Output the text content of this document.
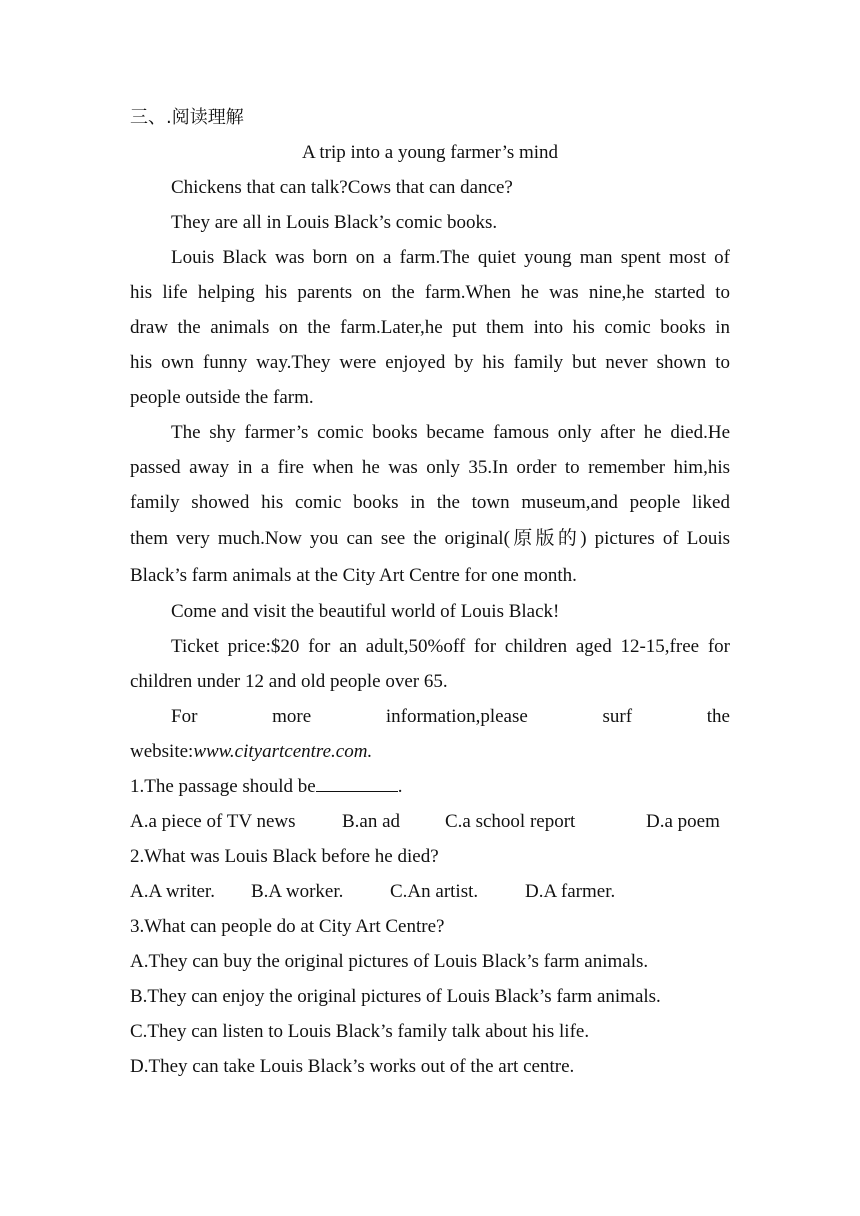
三、.阅读理解
A trip into a young farmer’s mind
Chickens that can talk?Cows that can dance?
They are all in Louis Black’s comic books.
Louis Black was born on a farm.The quiet young man spent most of
his life helping his parents on the farm.When he was nine,he started to
draw the animals on the farm.Later,he put them into his comic books in
his own funny way.They were enjoyed by his family but never shown to
people outside the farm.
The shy farmer’s comic books became famous only after he died.He
passed away in a fire when he was only 35.In order to remember him,his
family showed his comic books in the town museum,and people liked
them very much.Now you can see the original(原版的) pictures of Louis
Black’s farm animals at the City Art Centre for one month.
Come and visit the beautiful world of Louis Black!
Ticket price:$20 for an adult,50%off for children aged 12-15,free for
children under 12 and old people over 65.
For more information,please surf the
website:www.cityartcentre.com.
1.The passage should be	.
A.a piece of TV news	B.an ad	C.a school report	D.a poem
2.What was Louis Black before he died?
A.A writer.	B.A worker.	C.An artist.	D.A farmer.
3.What can people do at City Art Centre?
A.They can buy the original pictures of Louis Black’s farm animals.
B.They can enjoy the original pictures of Louis Black’s farm animals.
C.They can listen to Louis Black’s family talk about his life.
D.They can take Louis Black’s works out of the art centre.
